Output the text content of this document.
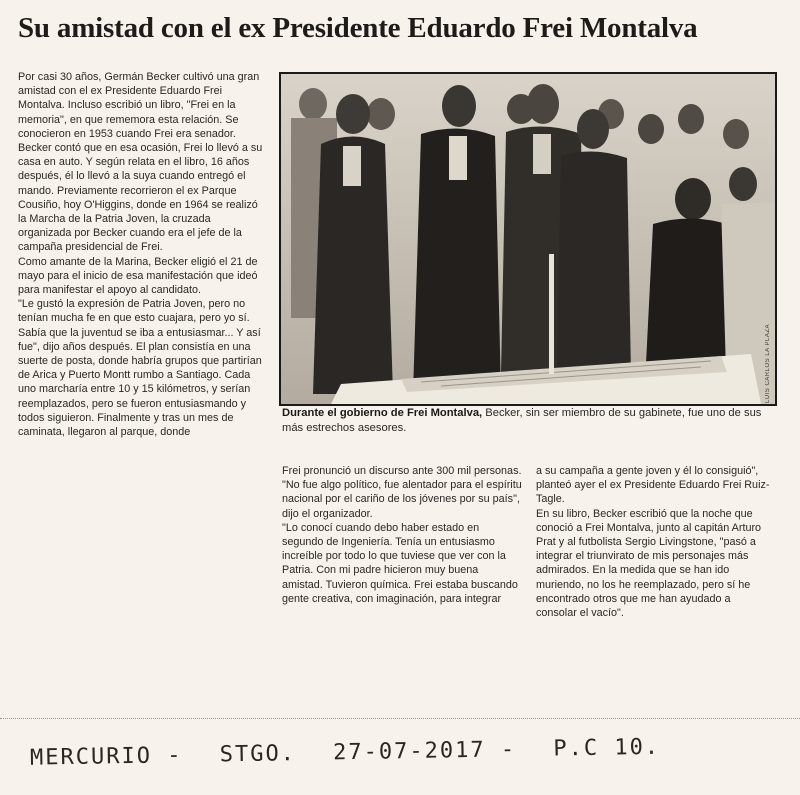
Su amistad con el ex Presidente Eduardo Frei Montalva

Por casi 30 años, Germán Becker cultivó una gran amistad con el ex Presidente Eduardo Frei Montalva. Incluso escribió un libro, "Frei en la memoria", en que rememora esta relación. Se conocieron en 1953 cuando Frei era senador.

Becker contó que en esa ocasión, Frei lo llevó a su casa en auto. Y según relata en el libro, 16 años después, él lo llevó a la suya cuando entregó el mando. Previamente recorrieron el ex Parque Cousiño, hoy O'Higgins, donde en 1964 se realizó la Marcha de la Patria Joven, la cruzada organizada por Becker cuando era el jefe de la campaña presidencial de Frei.

Como amante de la Marina, Becker eligió el 21 de mayo para el inicio de esa manifestación que ideó para manifestar el apoyo al candidato.

"Le gustó la expresión de Patria Joven, pero no tenían mucha fe en que esto cuajara, pero yo sí. Sabía que la juventud se iba a entusiasmar... Y así fue", dijo años después. El plan consistía en una suerte de posta, donde habría grupos que partirían de Arica y Puerto Montt rumbo a Santiago. Cada uno marcharía entre 10 y 15 kilómetros, y serían reemplazados, pero se fueron entusiasmando y todos siguieron. Finalmente y tras un mes de caminata, llegaron al parque, donde

LUIS CARLOS LA PLAZA
Durante el gobierno de Frei Montalva, Becker, sin ser miembro de su gabinete, fue uno de sus más estrechos asesores.

Frei pronunció un discurso ante 300 mil personas. "No fue algo político, fue alentador para el espíritu nacional por el cariño de los jóvenes por su país", dijo el organizador.

"Lo conocí cuando debo haber estado en segundo de Ingeniería. Tenía un entusiasmo increíble por todo lo que tuviese que ver con la Patria. Con mi padre hicieron muy buena amistad. Tuvieron química. Frei estaba buscando gente creativa, con imaginación, para integrar

a su campaña a gente joven y él lo consiguió", planteó ayer el ex Presidente Eduardo Frei Ruiz-Tagle.

En su libro, Becker escribió que la noche que conoció a Frei Montalva, junto al capitán Arturo Prat y al futbolista Sergio Livingstone, "pasó a integrar el triunvirato de mis personajes más admirados. En la medida que se han ido muriendo, no los he reemplazado, pero sí he encontrado otros que me han ayudado a consolar el vacío".

MERCURIO - STGO. 27-07-2017 - P.C 10.
